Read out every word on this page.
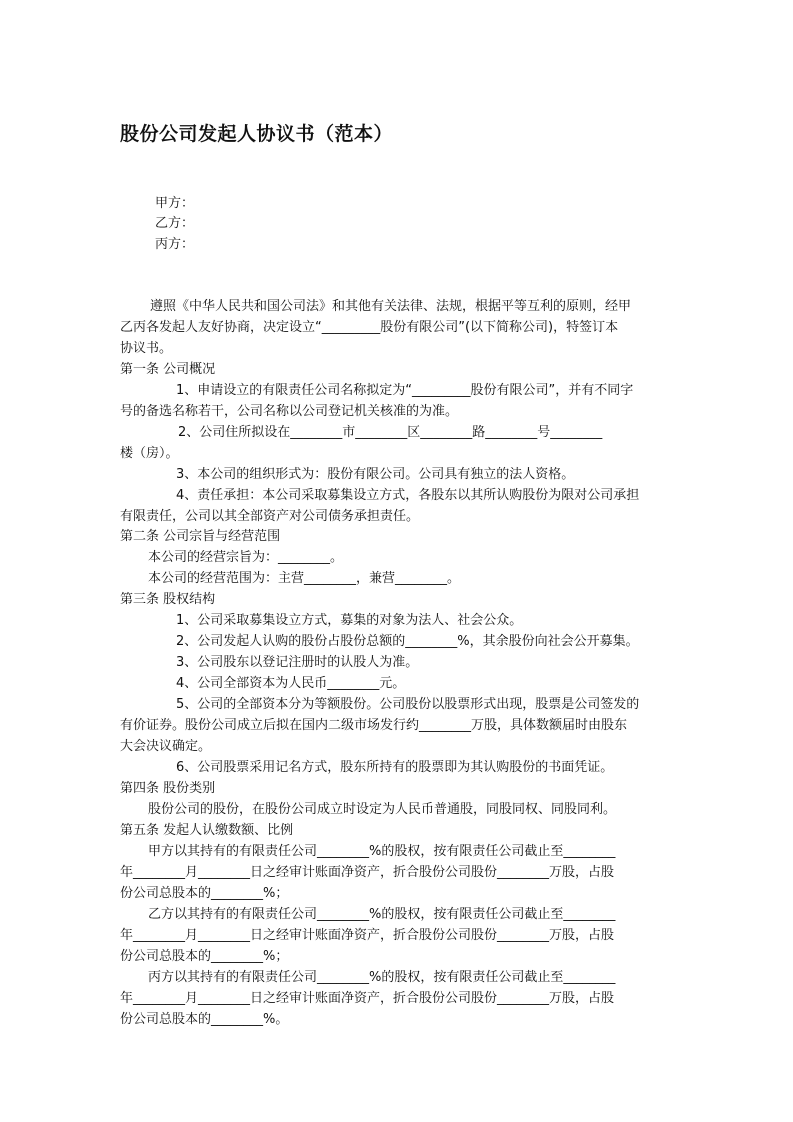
股份公司发起人协议书（范本）
甲方：
乙方：
丙方：
遵照《中华人民共和国公司法》和其他有关法律、法规，根据平等互利的原则，经甲
乙丙各发起人友好协商，决定设立“_________股份有限公司”(以下简称公司)，特签订本
协议书。
第一条 公司概况
1、申请设立的有限责任公司名称拟定为“_________股份有限公司”，并有不同字
号的备选名称若干，公司名称以公司登记机关核准的为准。
2、公司住所拟设在________市________区________路________号________
楼（房）。
3、本公司的组织形式为：股份有限公司。公司具有独立的法人资格。
4、责任承担：本公司采取募集设立方式，各股东以其所认购股份为限对公司承担
有限责任，公司以其全部资产对公司债务承担责任。
第二条 公司宗旨与经营范围
本公司的经营宗旨为：________。
本公司的经营范围为：主营________，兼营________。
第三条 股权结构
1、公司采取募集设立方式，募集的对象为法人、社会公众。
2、公司发起人认购的股份占股份总额的________%，其余股份向社会公开募集。
3、公司股东以登记注册时的认股人为准。
4、公司全部资本为人民币________元。
5、公司的全部资本分为等额股份。公司股份以股票形式出现，股票是公司签发的
有价证券。股份公司成立后拟在国内二级市场发行约________万股，具体数额届时由股东
大会决议确定。
6、公司股票采用记名方式，股东所持有的股票即为其认购股份的书面凭证。
第四条 股份类别
股份公司的股份，在股份公司成立时设定为人民币普通股，同股同权、同股同利。
第五条 发起人认缴数额、比例
甲方以其持有的有限责任公司________%的股权，按有限责任公司截止至________
年________月________日之经审计账面净资产，折合股份公司股份________万股，占股
份公司总股本的________%；
乙方以其持有的有限责任公司________%的股权，按有限责任公司截止至________
年________月________日之经审计账面净资产，折合股份公司股份________万股，占股
份公司总股本的________%；
丙方以其持有的有限责任公司________%的股权，按有限责任公司截止至________
年________月________日之经审计账面净资产，折合股份公司股份________万股，占股
份公司总股本的________%。
